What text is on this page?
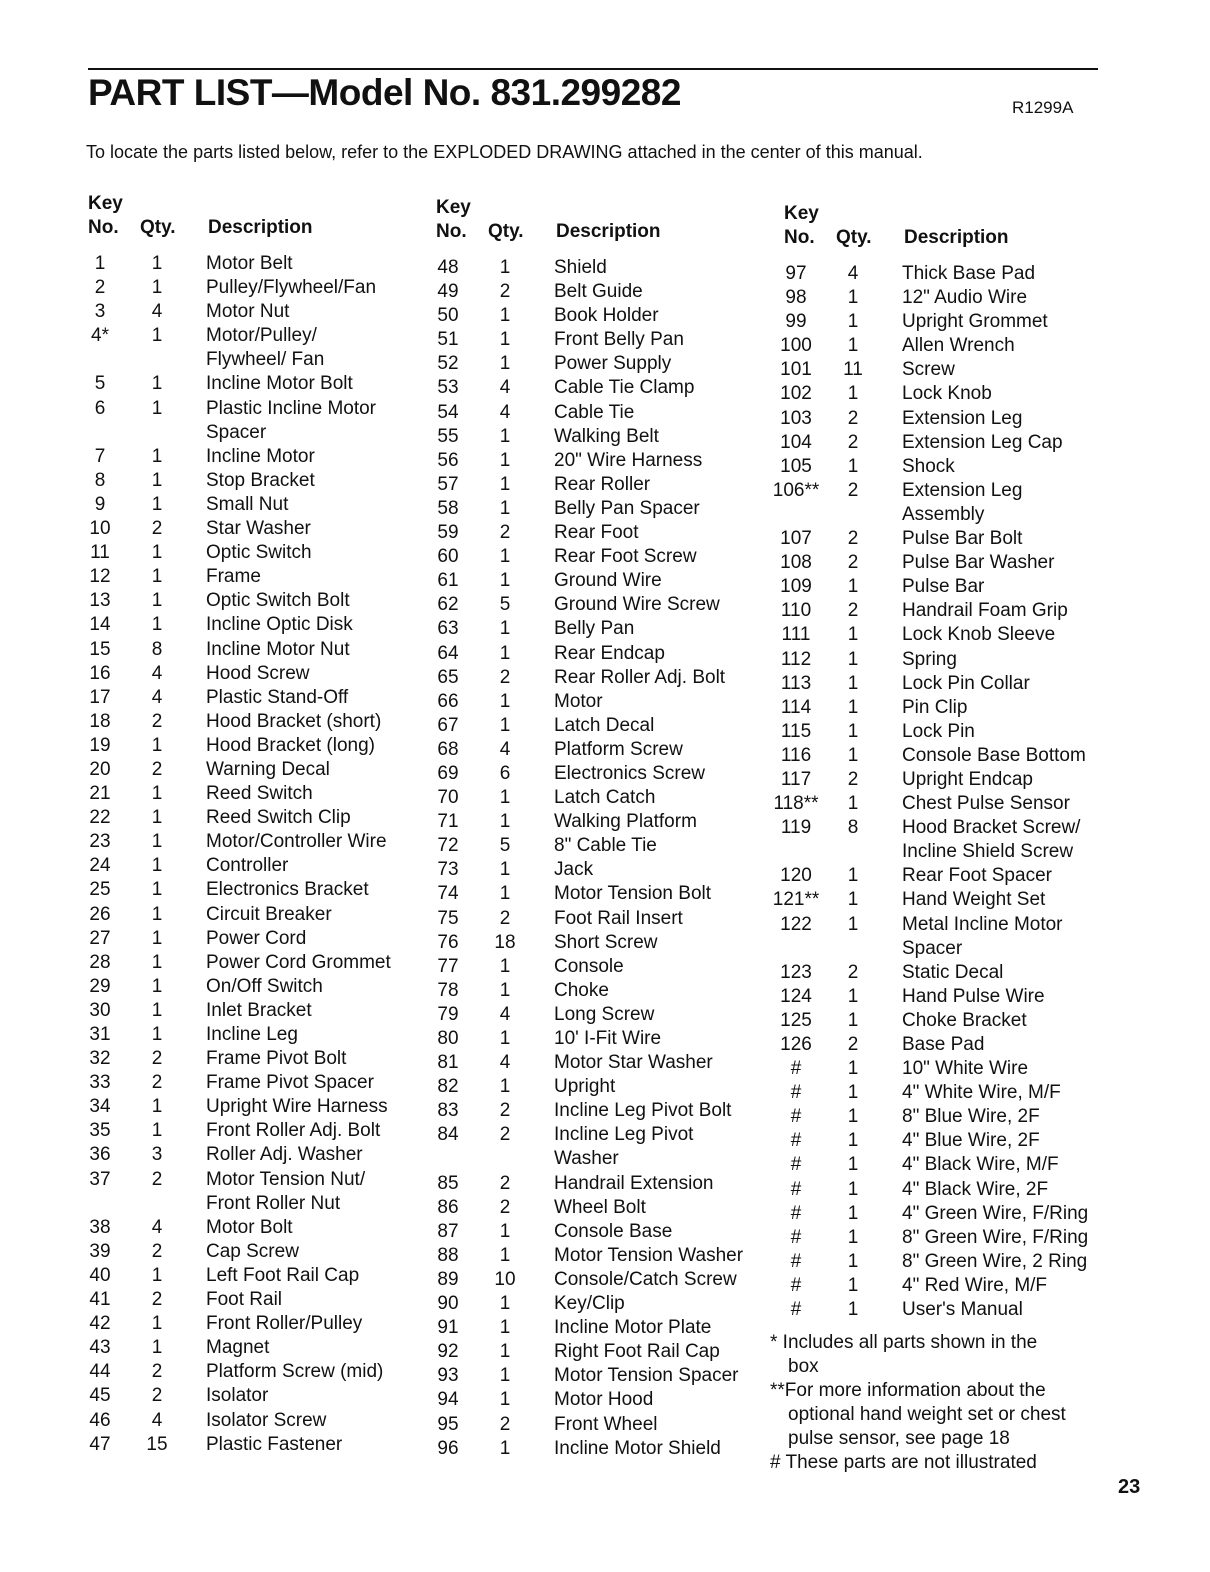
PART LIST—Model No. 831.299282	R1299A
To locate the parts listed below, refer to the EXPLODED DRAWING attached in the center of this manual.
Key
No. Qty. Description
1	1	Motor Belt
2	1	Pulley/Flywheel/Fan
3	4	Motor Nut
4*	1	Motor/Pulley/
Flywheel/ Fan
5	1	Incline Motor Bolt
6	1	Plastic Incline Motor
Spacer
7	1	Incline Motor
8	1	Stop Bracket
9	1	Small Nut
10	2	Star Washer
11	1	Optic Switch
12	1	Frame
13	1	Optic Switch Bolt
14	1	Incline Optic Disk
15	8	Incline Motor Nut
16	4	Hood Screw
17	4	Plastic Stand-Off
18	2	Hood Bracket (short)
19	1	Hood Bracket (long)
20	2	Warning Decal
21	1	Reed Switch
22	1	Reed Switch Clip
23	1	Motor/Controller Wire
24	1	Controller
25	1	Electronics Bracket
26	1	Circuit Breaker
27	1	Power Cord
28	1	Power Cord Grommet
29	1	On/Off Switch
30	1	Inlet Bracket
31	1	Incline Leg
32	2	Frame Pivot Bolt
33	2	Frame Pivot Spacer
34	1	Upright Wire Harness
35	1	Front Roller Adj. Bolt
36	3	Roller Adj. Washer
37	2	Motor Tension Nut/
Front Roller Nut
38	4	Motor Bolt
39	2	Cap Screw
40	1	Left Foot Rail Cap
41	2	Foot Rail
42	1	Front Roller/Pulley
43	1	Magnet
44	2	Platform Screw (mid)
45	2	Isolator
46	4	Isolator Screw
47	15 Plastic Fastener
Key
No. Qty. Description
48	1	Shield
49	2	Belt Guide
50	1	Book Holder
51	1	Front Belly Pan
52	1	Power Supply
53	4	Cable Tie Clamp
54	4	Cable Tie
55	1	Walking Belt
56	1	20" Wire Harness
57	1	Rear Roller
58	1	Belly Pan Spacer
59	2	Rear Foot
60	1	Rear Foot Screw
61	1	Ground Wire
62	5	Ground Wire Screw
63	1	Belly Pan
64	1	Rear Endcap
65	2	Rear Roller Adj. Bolt
66	1	Motor
67	1	Latch Decal
68	4	Platform Screw
69	6	Electronics Screw
70	1	Latch Catch
71	1	Walking Platform
72	5	8" Cable Tie
73	1	Jack
74	1	Motor Tension Bolt
75	2	Foot Rail Insert
76	18 Short Screw
77	1	Console
78	1	Choke
79	4	Long Screw
80	1	10' I-Fit Wire
81	4	Motor Star Washer
82	1	Upright
83	2	Incline Leg Pivot Bolt
84	2	Incline Leg Pivot
Washer
85	2	Handrail Extension
86	2	Wheel Bolt
87	1	Console Base
88	1	Motor Tension Washer
89	10 Console/Catch Screw
90	1	Key/Clip
91	1	Incline Motor Plate
92	1	Right Foot Rail Cap
93	1	Motor Tension Spacer
94	1	Motor Hood
95	2	Front Wheel
96	1	Incline Motor Shield
Key
No. Qty. Description
97	4	Thick Base Pad
98	1	12" Audio Wire
99	1	Upright Grommet
100	1	Allen Wrench
101	11 Screw
102	1	Lock Knob
103	2	Extension Leg
104	2	Extension Leg Cap
105	1	Shock
106**	2	Extension Leg
Assembly
107	2	Pulse Bar Bolt
108	2	Pulse Bar Washer
109	1	Pulse Bar
110	2	Handrail Foam Grip
111	1	Lock Knob Sleeve
112	1	Spring
113	1	Lock Pin Collar
114	1	Pin Clip
115	1	Lock Pin
116	1	Console Base Bottom
117	2	Upright Endcap
118**	1	Chest Pulse Sensor
119	8	Hood Bracket Screw/
Incline Shield Screw
120	1	Rear Foot Spacer
121**	1	Hand Weight Set
122	1	Metal Incline Motor
Spacer
123	2	Static Decal
124	1	Hand Pulse Wire
125	1	Choke Bracket
126	2	Base Pad
#	1	10" White Wire
#	1	4" White Wire, M/F
#	1	8" Blue Wire, 2F
#	1	4" Blue Wire, 2F
#	1	4" Black Wire, M/F
#	1	4" Black Wire, 2F
#	1	4" Green Wire, F/Ring
#	1	8" Green Wire, F/Ring
#	1	8" Green Wire, 2 Ring
#	1	4" Red Wire, M/F
#	1	User's Manual
* Includes all parts shown in the
box
**For more information about the
optional hand weight set or chest
pulse sensor, see page 18
# These parts are not illustrated
23
